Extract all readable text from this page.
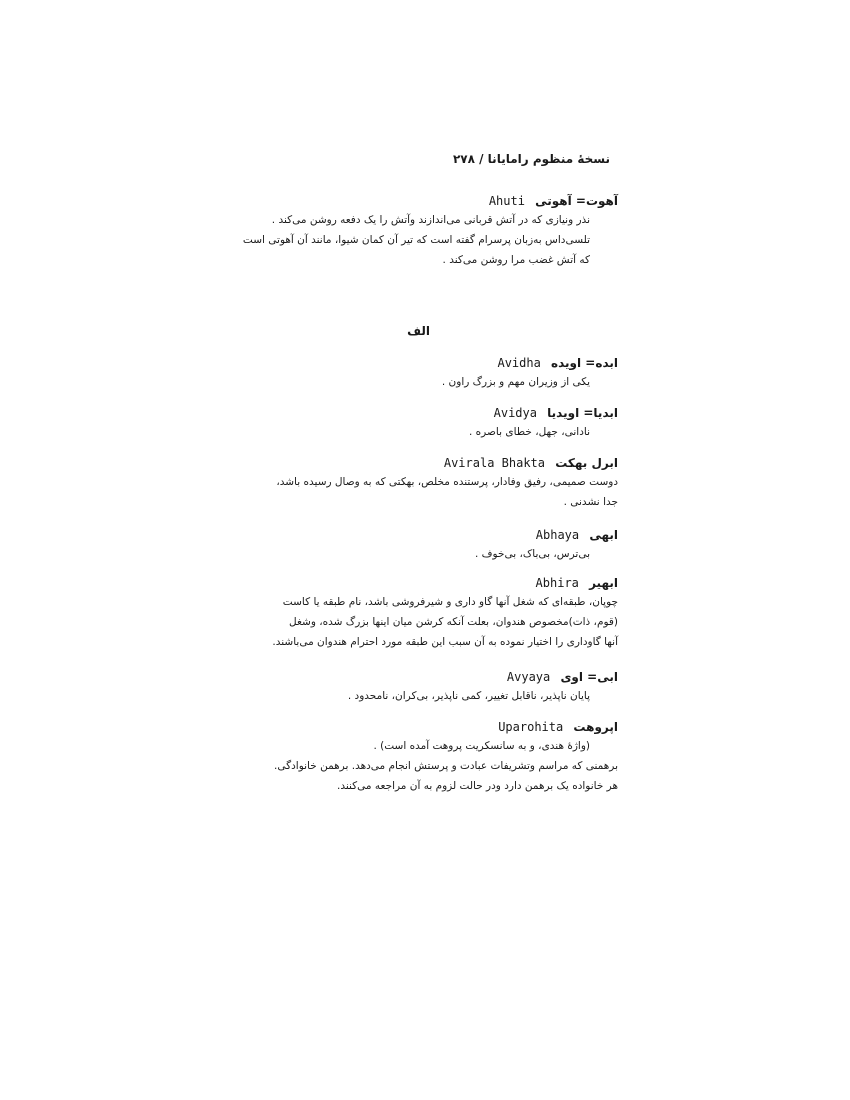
نسخهٔ منظوم رامایانا / ۲۷۸
آهوت= آهوتی Ahuti
نذر ونیازی که در آتش قربانی می‌اندازند وآتش را یک دفعه روشن می‌کند .
تلسی‌داس به‌زبان پرسرام گفته است که تیر آن کمان شیوا، مانند آن آهوتی است
که آتش غضب مرا روشن می‌کند .
الف
ابده= اویده Avidha
یکی از وزیران مهم و بزرگ راون .
ابدیا= اویدیا Avidya
نادانی، جهل، خطای باصره .
ابرل بهکت Avirala Bhakta
دوست صمیمی، رفیق وفادار، پرستنده مخلص، بهکتی که به وصال رسیده باشد،
جدا نشدنی .
ابهی Abhaya
بی‌ترس، بی‌باک، بی‌خوف .
ابهیر Abhira
چوپان، طبقه‌ای که شغل آنها گاو داری و شیرفروشی باشد، نام طبقه یا کاست
(قوم، ذات)مخصوص هندوان، بعلت آنکه کرشن میان اینها بزرگ شده، وشغل
آنها گاوداری را اختیار نموده به آن سبب این طبقه مورد احترام هندوان می‌باشند.
ابی= اوی Avyaya
پایان ناپذیر، ناقابل تغییر، کمی ناپذیر، بی‌کران، نامحدود .
اپروهت Uparohita
(واژهٔ هندی، و به سانسکریت پروهت آمده است) .
برهمنی که مراسم وتشریفات عبادت و پرستش انجام می‌دهد. برهمن خانوادگی.
هر خانواده یک برهمن دارد ودر حالت لزوم به آن مراجعه می‌کنند.
